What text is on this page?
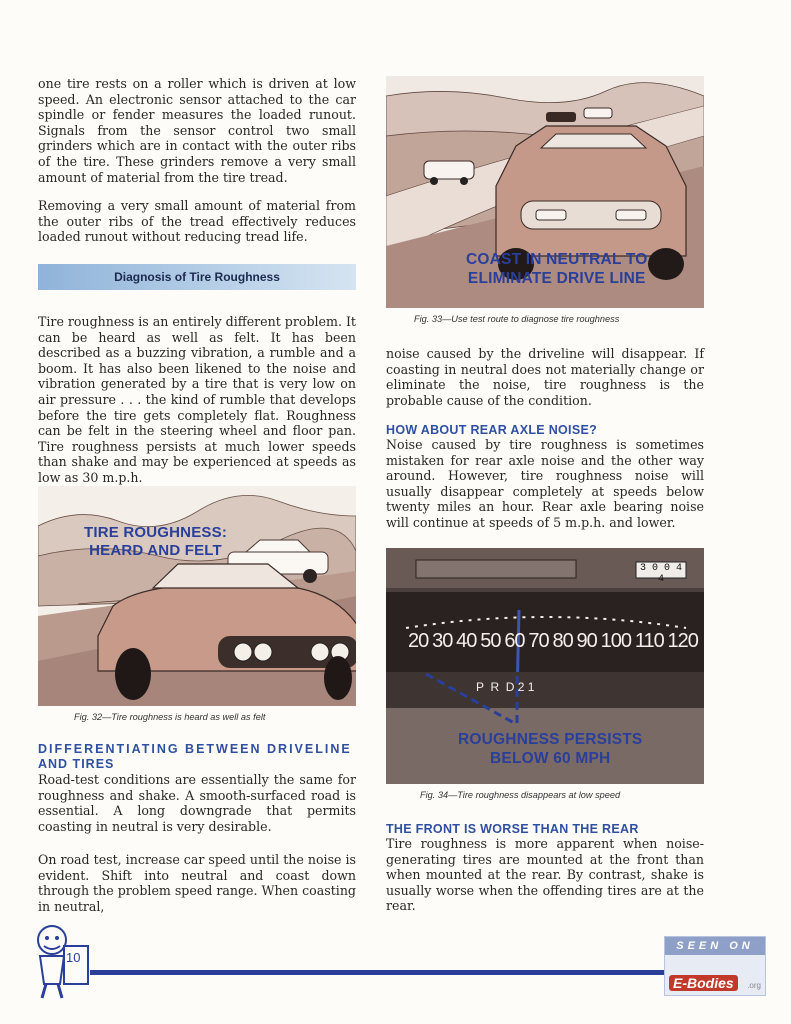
one tire rests on a roller which is driven at low speed. An electronic sensor attached to the car spindle or fender measures the loaded runout. Signals from the sensor control two small grinders which are in contact with the outer ribs of the tire. These grinders remove a very small amount of material from the tire tread.

Removing a very small amount of material from the outer ribs of the tread effectively reduces loaded runout without reducing tread life.

Diagnosis of Tire Roughness

Tire roughness is an entirely different problem. It can be heard as well as felt. It has been described as a buzzing vibration, a rumble and a boom. It has also been likened to the noise and vibration generated by a tire that is very low on air pressure . . . the kind of rumble that develops before the tire gets completely flat. Roughness can be felt in the steering wheel and floor pan. Tire roughness persists at much lower speeds than shake and may be experienced at speeds as low as 30 m.p.h.

TIRE ROUGHNESS:
HEARD AND FELT
Fig. 32—Tire roughness is heard as well as felt
DIFFERENTIATING BETWEEN DRIVELINE
AND TIRES

Road-test conditions are essentially the same for roughness and shake. A smooth-surfaced road is essential. A long downgrade that permits coasting in neutral is very desirable.

On road test, increase car speed until the noise is evident. Shift into neutral and coast down through the problem speed range. When coasting in neutral,

COAST IN NEUTRAL TO
ELIMINATE DRIVE LINE
Fig. 33—Use test route to diagnose tire roughness

noise caused by the driveline will disappear. If coasting in neutral does not materially change or eliminate the noise, tire roughness is the probable cause of the condition.

HOW ABOUT REAR AXLE NOISE?

Noise caused by tire roughness is sometimes mistaken for rear axle noise and the other way around. However, tire roughness noise will usually disappear completely at speeds below twenty miles an hour. Rear axle bearing noise will continue at speeds of 5 m.p.h. and lower.

3 0 0 4 4
20 30 40 50 60 70 80 90 100 110 120
P  R  D 2 1
ROUGHNESS PERSISTS
BELOW 60 MPH
Fig. 34—Tire roughness disappears at low speed
THE FRONT IS WORSE THAN THE REAR

Tire roughness is more apparent when noise-generating tires are mounted at the front than when mounted at the rear. By contrast, shake is usually worse when the offending tires are at the rear.

10
SEEN ON
E-Bodies	.org
